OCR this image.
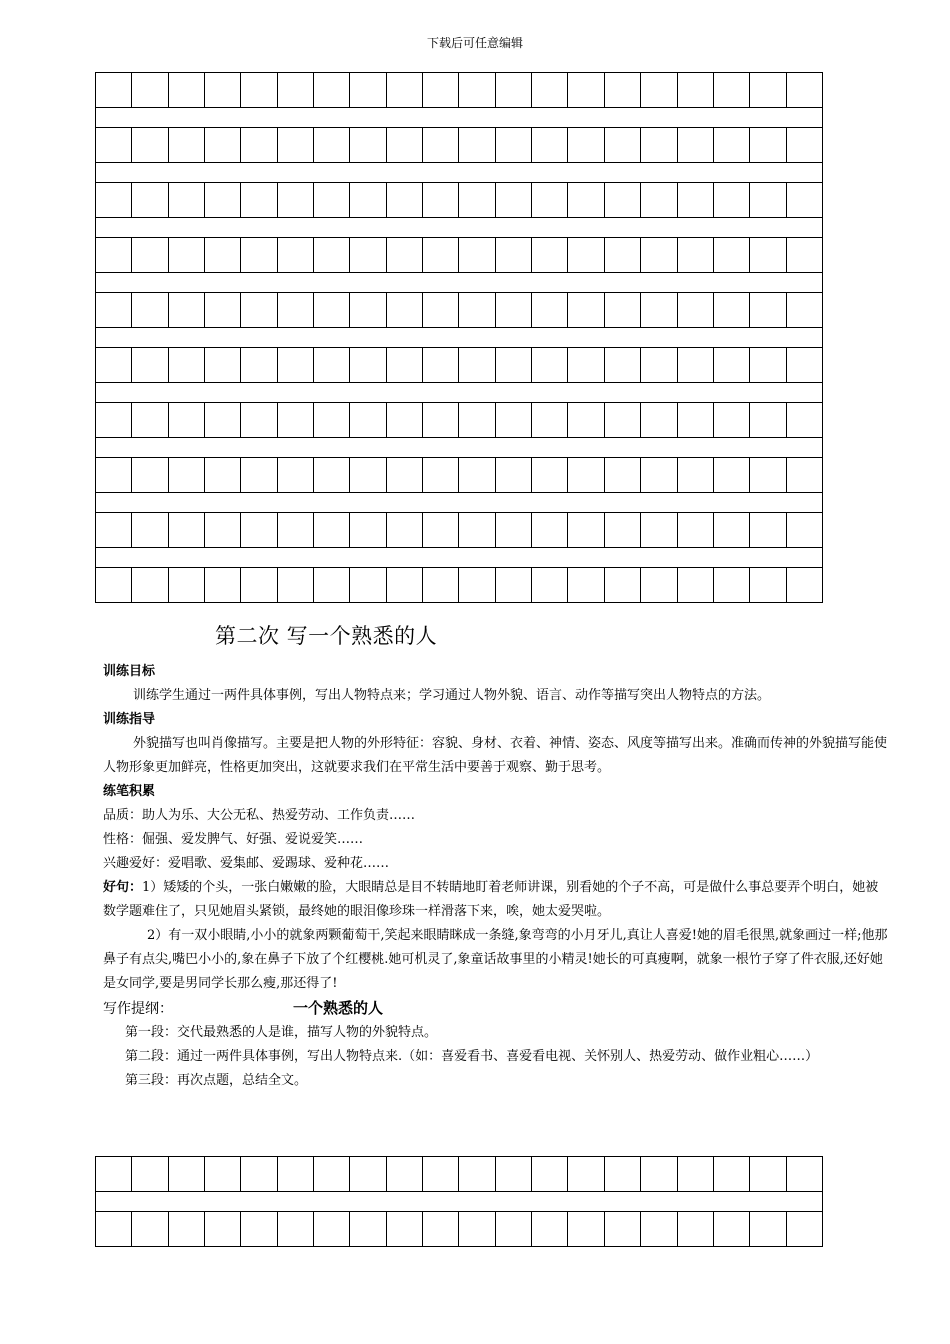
下载后可任意编辑
第二次 写一个熟悉的人
训练目标
训练学生通过一两件具体事例，写出人物特点来；学习通过人物外貌、语言、动作等描写突出人物特点的方法。
训练指导
外貌描写也叫肖像描写。主要是把人物的外形特征：容貌、身材、衣着、神情、姿态、风度等描写出来。准确而传神的外貌描写能使人物形象更加鲜亮，性格更加突出，这就要求我们在平常生活中要善于观察、勤于思考。
练笔积累
品质：助人为乐、大公无私、热爱劳动、工作负责……
性格：倔强、爱发脾气、好强、爱说爱笑……
兴趣爱好：爱唱歌、爱集邮、爱踢球、爱种花……
好句：1）矮矮的个头，一张白嫩嫩的脸，大眼睛总是目不转睛地盯着老师讲课，别看她的个子不高，可是做什么事总要弄个明白，她被数学题难住了，只见她眉头紧锁，最终她的眼泪像珍珠一样滑落下来，唉，她太爱哭啦。
2）有一双小眼睛,小小的就象两颗葡萄干,笑起来眼睛眯成一条缝,象弯弯的小月牙儿,真让人喜爱!她的眉毛很黑,就象画过一样;他那鼻子有点尖,嘴巴小小的,象在鼻子下放了个红樱桃.她可机灵了,象童话故事里的小精灵!她长的可真瘦啊，就象一根竹子穿了件衣服,还好她是女同学,要是男同学长那么瘦,那还得了!
写作提纲：	一个熟悉的人
第一段：交代最熟悉的人是谁，描写人物的外貌特点。
第二段：通过一两件具体事例，写出人物特点来.（如：喜爱看书、喜爱看电视、关怀别人、热爱劳动、做作业粗心……）
第三段：再次点题，总结全文。
